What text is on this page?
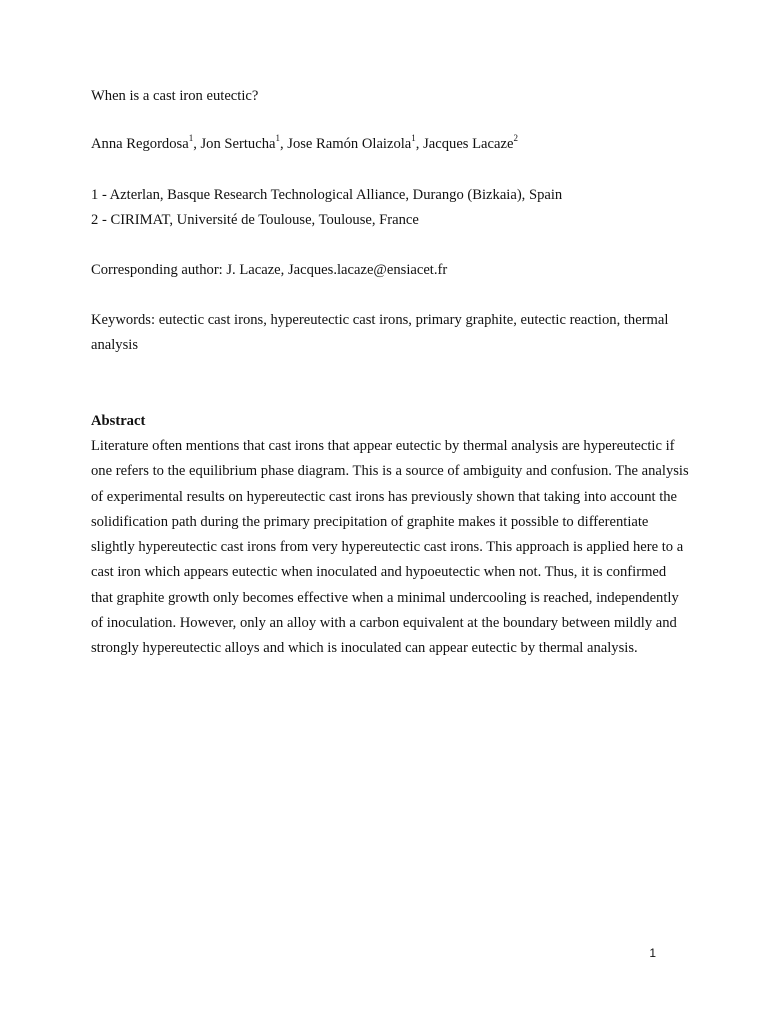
When is a cast iron eutectic?

Anna Regordosa$^1$, Jon Sertucha$^1$, Jose Ramón Olaizola$^1$, Jacques Lacaze$^2$

1 - Azterlan, Basque Research Technological Alliance, Durango (Bizkaia), Spain

2 - CIRIMAT, Université de Toulouse, Toulouse, France

Corresponding author: J. Lacaze, Jacques.lacaze@ensiacet.fr

Keywords: eutectic cast irons, hypereutectic cast irons, primary graphite, eutectic reaction, thermal analysis

Abstract

Literature often mentions that cast irons that appear eutectic by thermal analysis are hypereutectic if one refers to the equilibrium phase diagram. This is a source of ambiguity and confusion. The analysis of experimental results on hypereutectic cast irons has previously shown that taking into account the solidification path during the primary precipitation of graphite makes it possible to differentiate slightly hypereutectic cast irons from very hypereutectic cast irons. This approach is applied here to a cast iron which appears eutectic when inoculated and hypoeutectic when not. Thus, it is confirmed that graphite growth only becomes effective when a minimal undercooling is reached, independently of inoculation. However, only an alloy with a carbon equivalent at the boundary between mildly and strongly hypereutectic alloys and which is inoculated can appear eutectic by thermal analysis.

1
